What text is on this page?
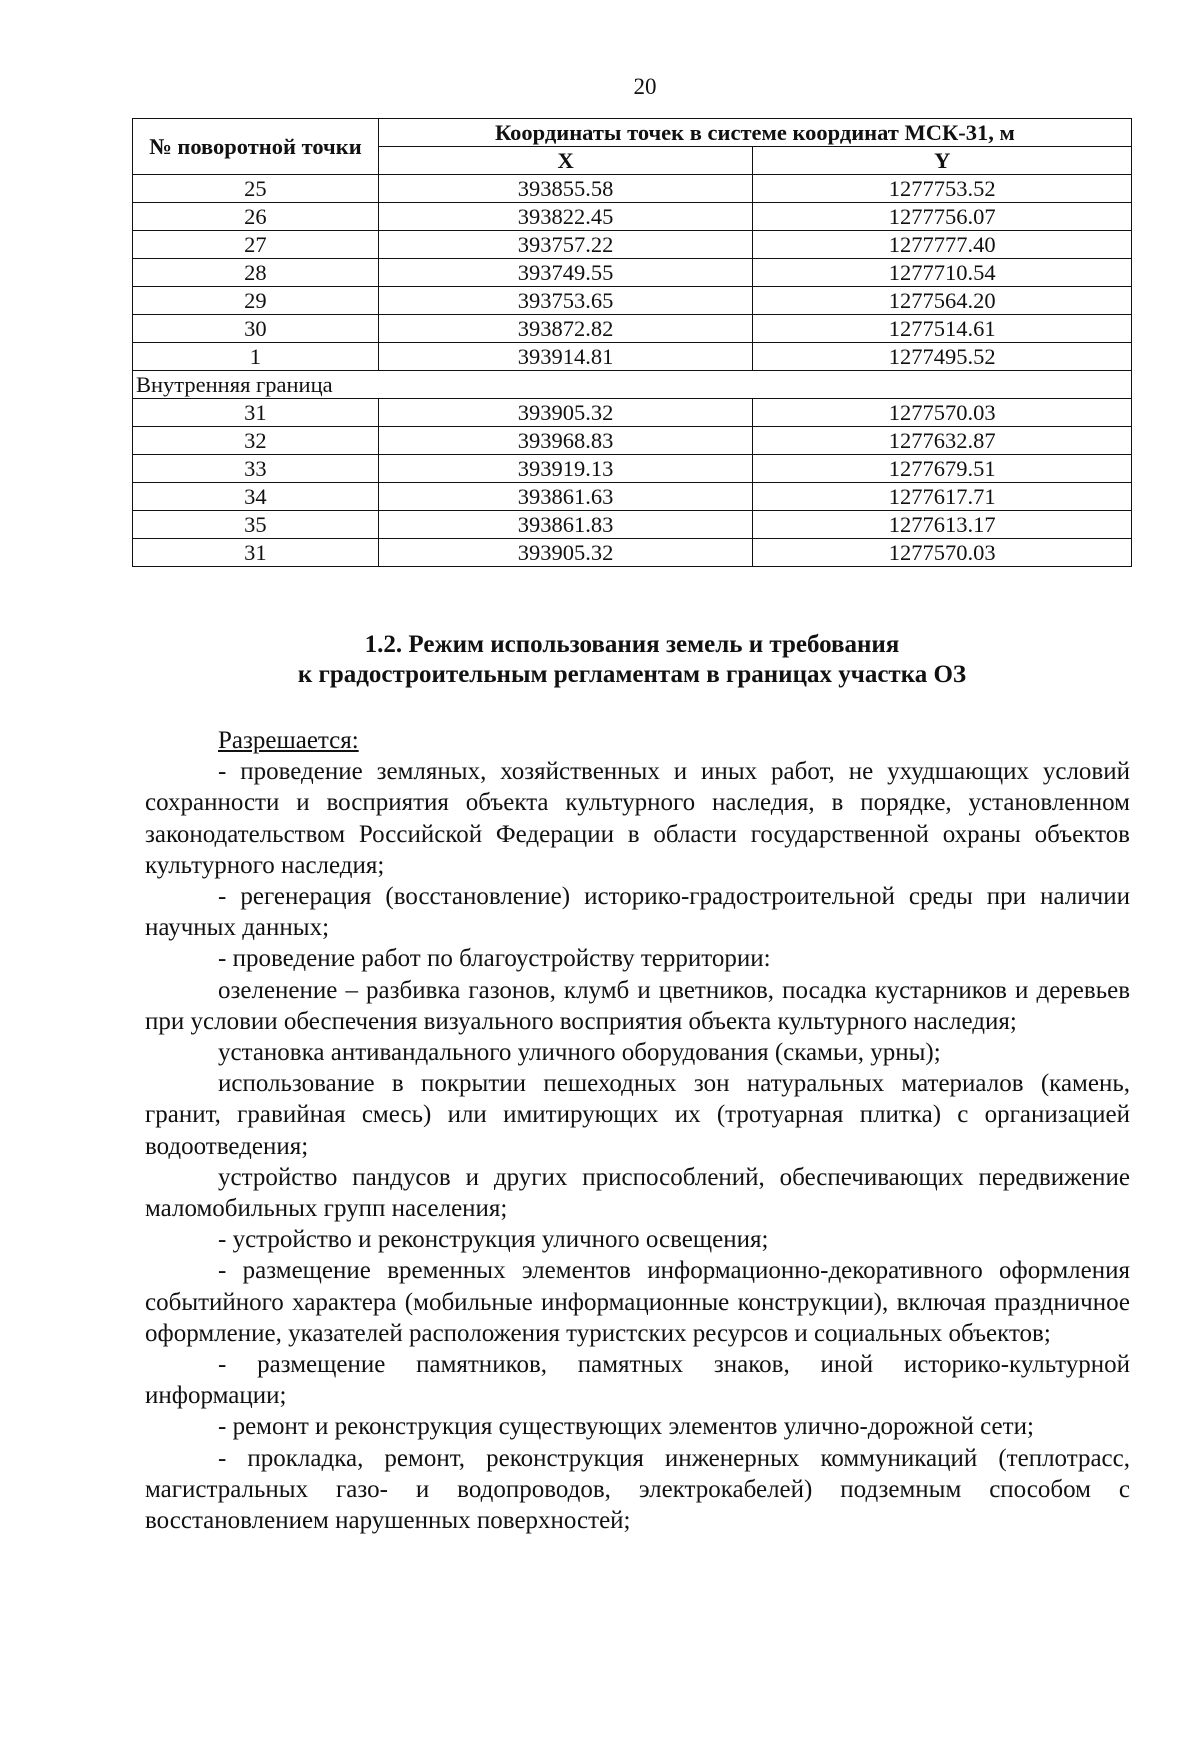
20
№ поворотной точки	Координаты точек в системе координат МСК-31, м	
	X	Y
25	393855.58	1277753.52
26	393822.45	1277756.07
27	393757.22	1277777.40
28	393749.55	1277710.54
29	393753.65	1277564.20
30	393872.82	1277514.61
1	393914.81	1277495.52
Внутренняя граница		
31	393905.32	1277570.03
32	393968.83	1277632.87
33	393919.13	1277679.51
34	393861.63	1277617.71
35	393861.83	1277613.17
31	393905.32	1277570.03
1.2. Режим использования земель и требования
к градостроительным регламентам в границах участка ОЗ

Разрешается:

- проведение земляных, хозяйственных и иных работ, не ухудшающих условий сохранности и восприятия объекта культурного наследия, в порядке, установленном законодательством Российской Федерации в области государственной охраны объектов культурного наследия;

- регенерация (восстановление) историко-градостроительной среды при наличии научных данных;

- проведение работ по благоустройству территории:

озеленение – разбивка газонов, клумб и цветников, посадка кустарников и деревьев при условии обеспечения визуального восприятия объекта культурного наследия;

установка антивандального уличного оборудования (скамьи, урны);

использование в покрытии пешеходных зон натуральных материалов (камень, гранит, гравийная смесь) или имитирующих их (тротуарная плитка) с организацией водоотведения;

устройство пандусов и других приспособлений, обеспечивающих передвижение маломобильных групп населения;

- устройство и реконструкция уличного освещения;

- размещение временных элементов информационно-декоративного оформления событийного характера (мобильные информационные конструкции), включая праздничное оформление, указателей расположения туристских ресурсов и социальных объектов;

- размещение памятников, памятных знаков, иной историко-культурной информации;

- ремонт и реконструкция существующих элементов улично-дорожной сети;

- прокладка, ремонт, реконструкция инженерных коммуникаций (теплотрасс, магистральных газо- и водопроводов, электрокабелей) подземным способом с восстановлением нарушенных поверхностей;
